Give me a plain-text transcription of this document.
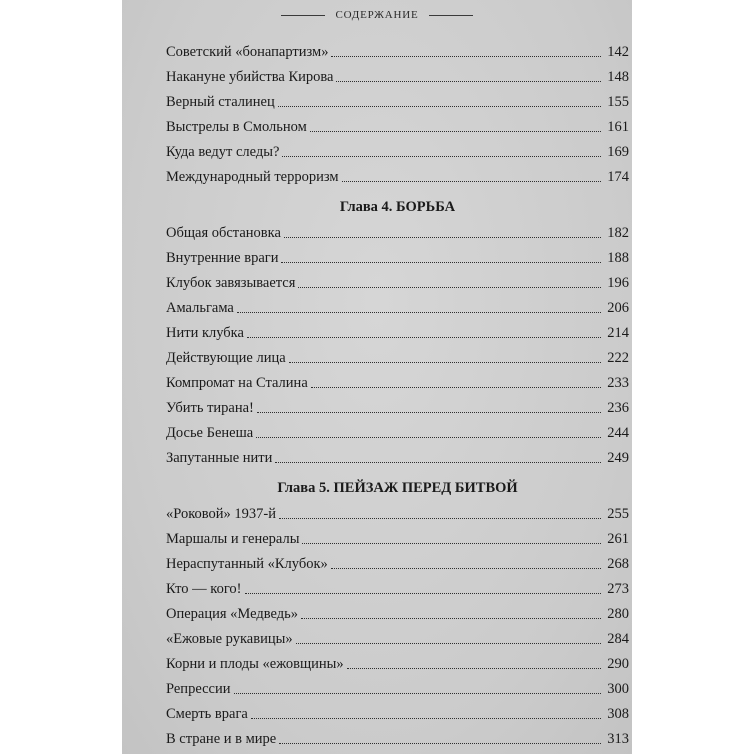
СОДЕРЖАНИЕ
Советский «бонапартизм»	142
Накануне убийства Кирова	148
Верный сталинец	155
Выстрелы в Смольном	161
Куда ведут следы?	169
Международный терроризм	174
Глава 4. БОРЬБА
Общая обстановка	182
Внутренние враги	188
Клубок завязывается	196
Амальгама	206
Нити клубка	214
Действующие лица	222
Компромат на Сталина	233
Убить тирана!	236
Досье Бенеша	244
Запутанные нити	249
Глава 5. ПЕЙЗАЖ ПЕРЕД БИТВОЙ
«Роковой» 1937-й	255
Маршалы и генералы	261
Нераспутанный «Клубок»	268
Кто — кого!	273
Операция «Медведь»	280
«Ежовые рукавицы»	284
Корни и плоды «ежовщины»	290
Репрессии	300
Смерть врага	308
В стране и в мире	313
